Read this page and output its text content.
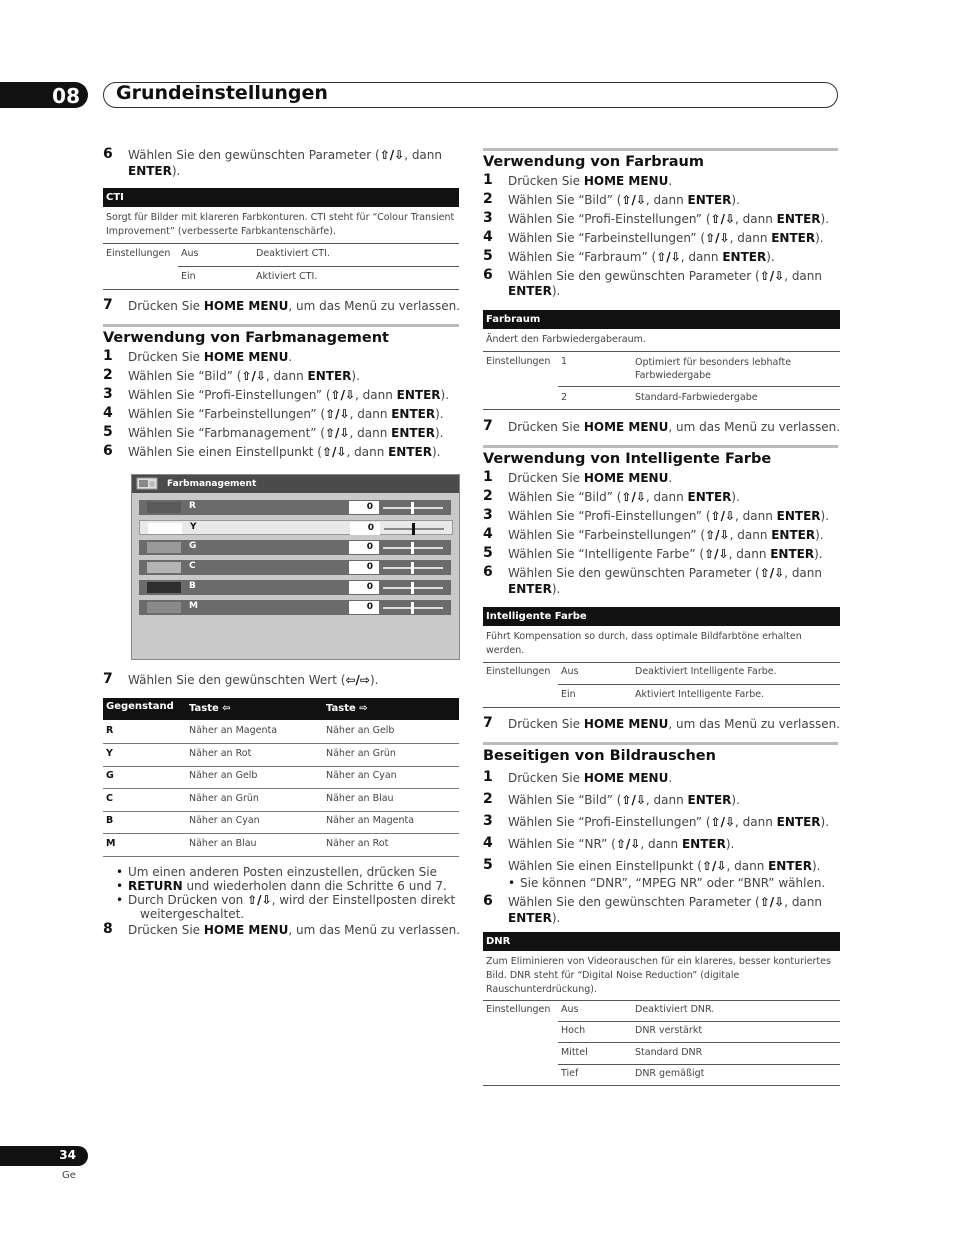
08 Grundeinstellungen
6 Wählen Sie den gewünschten Parameter (⇧/⇩, dann
ENTER).
CTI
Sorgt für Bilder mit klareren Farbkonturen. CTI steht für “Colour Transient Improvement” (verbesserte Farbkantenschärfe).
Einstellungen Aus	Deaktiviert CTI.
Ein	Aktiviert CTI.
7 Drücken Sie HOME MENU, um das Menü zu verlassen.
Verwendung von Farbmanagement
1 Drücken Sie HOME MENU.
2 Wählen Sie “Bild” (⇧/⇩, dann ENTER).
3 Wählen Sie “Profi-Einstellungen” (⇧/⇩, dann ENTER).
4 Wählen Sie “Farbeinstellungen” (⇧/⇩, dann ENTER).
5 Wählen Sie “Farbmanagement” (⇧/⇩, dann ENTER).
6 Wählen Sie einen Einstellpunkt (⇧/⇩, dann ENTER).
Farbmanagement
R	0
Y	0
G	0
C	0
B	0
M	0
7 Wählen Sie den gewünschten Wert (⇦/⇨).
Gegenstand Taste ⇦	Taste ⇨
R	Näher an Magenta	Näher an Gelb
Y	Näher an Rot	Näher an Grün
G	Näher an Gelb	Näher an Cyan
C	Näher an Grün	Näher an Blau
B	Näher an Cyan	Näher an Magenta
M	Näher an Blau	Näher an Rot
• Um einen anderen Posten einzustellen, drücken Sie
• RETURN und wiederholen dann die Schritte 6 und 7.
• Durch Drücken von ⇧/⇩, wird der Einstellposten direkt
weitergeschaltet.
8 Drücken Sie HOME MENU, um das Menü zu verlassen.
Verwendung von Farbraum
1 Drücken Sie HOME MENU.
2 Wählen Sie “Bild” (⇧/⇩, dann ENTER).
3 Wählen Sie “Profi-Einstellungen” (⇧/⇩, dann ENTER).
4 Wählen Sie “Farbeinstellungen” (⇧/⇩, dann ENTER).
5 Wählen Sie “Farbraum” (⇧/⇩, dann ENTER).
6 Wählen Sie den gewünschten Parameter (⇧/⇩, dann
ENTER).
Farbraum
Ändert den Farbwiedergaberaum.
Einstellungen 1	Optimiert für besonders lebhafte
Farbwiedergabe
2	Standard-Farbwiedergabe
7 Drücken Sie HOME MENU, um das Menü zu verlassen.
Verwendung von Intelligente Farbe
1 Drücken Sie HOME MENU.
2 Wählen Sie “Bild” (⇧/⇩, dann ENTER).
3 Wählen Sie “Profi-Einstellungen” (⇧/⇩, dann ENTER).
4 Wählen Sie “Farbeinstellungen” (⇧/⇩, dann ENTER).
5 Wählen Sie “Intelligente Farbe” (⇧/⇩, dann ENTER).
6 Wählen Sie den gewünschten Parameter (⇧/⇩, dann
ENTER).
Intelligente Farbe
Führt Kompensation so durch, dass optimale Bildfarbtöne erhalten
werden.
Einstellungen Aus	Deaktiviert Intelligente Farbe.
Ein	Aktiviert Intelligente Farbe.
7 Drücken Sie HOME MENU, um das Menü zu verlassen.
Beseitigen von Bildrauschen
1 Drücken Sie HOME MENU.
2 Wählen Sie “Bild” (⇧/⇩, dann ENTER).
3 Wählen Sie “Profi-Einstellungen” (⇧/⇩, dann ENTER).
4 Wählen Sie “NR” (⇧/⇩, dann ENTER).
5 Wählen Sie einen Einstellpunkt (⇧/⇩, dann ENTER).
• Sie können “DNR”, “MPEG NR” oder “BNR” wählen.
6 Wählen Sie den gewünschten Parameter (⇧/⇩, dann
ENTER).
DNR
Zum Eliminieren von Videorauschen für ein klareres, besser konturiertes
Bild. DNR steht für “Digital Noise Reduction” (digitale
Rauschunterdrückung).
Einstellungen Aus	Deaktiviert DNR.
Hoch	DNR verstärkt
Mittel	Standard DNR
Tief	DNR gemäßigt
34
Ge
